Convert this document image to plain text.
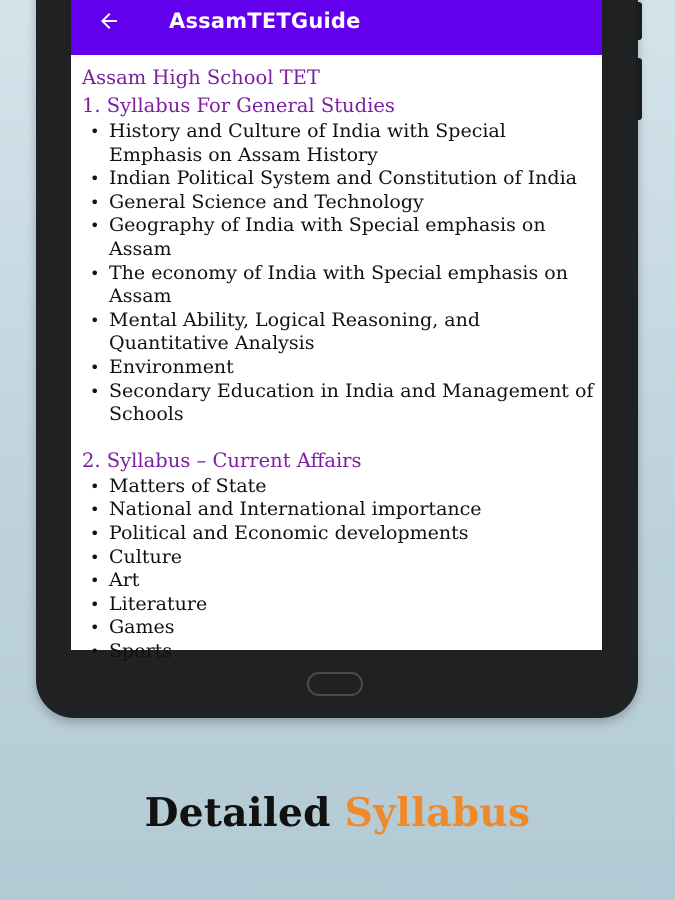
AssamTETGuide

Assam High School TET

1. Syllabus For General Studies

• History and Culture of India with Special Emphasis on Assam History
• Indian Political System and Constitution of India
• General Science and Technology
• Geography of India with Special emphasis on Assam
• The economy of India with Special emphasis on Assam
• Mental Ability, Logical Reasoning, and Quantitative Analysis
• Environment
• Secondary Education in India and Management of Schools

2. Syllabus – Current Affairs

• Matters of State
• National and International importance
• Political and Economic developments
• Culture
• Art
• Literature
• Games
• Sports
Detailed Syllabus
